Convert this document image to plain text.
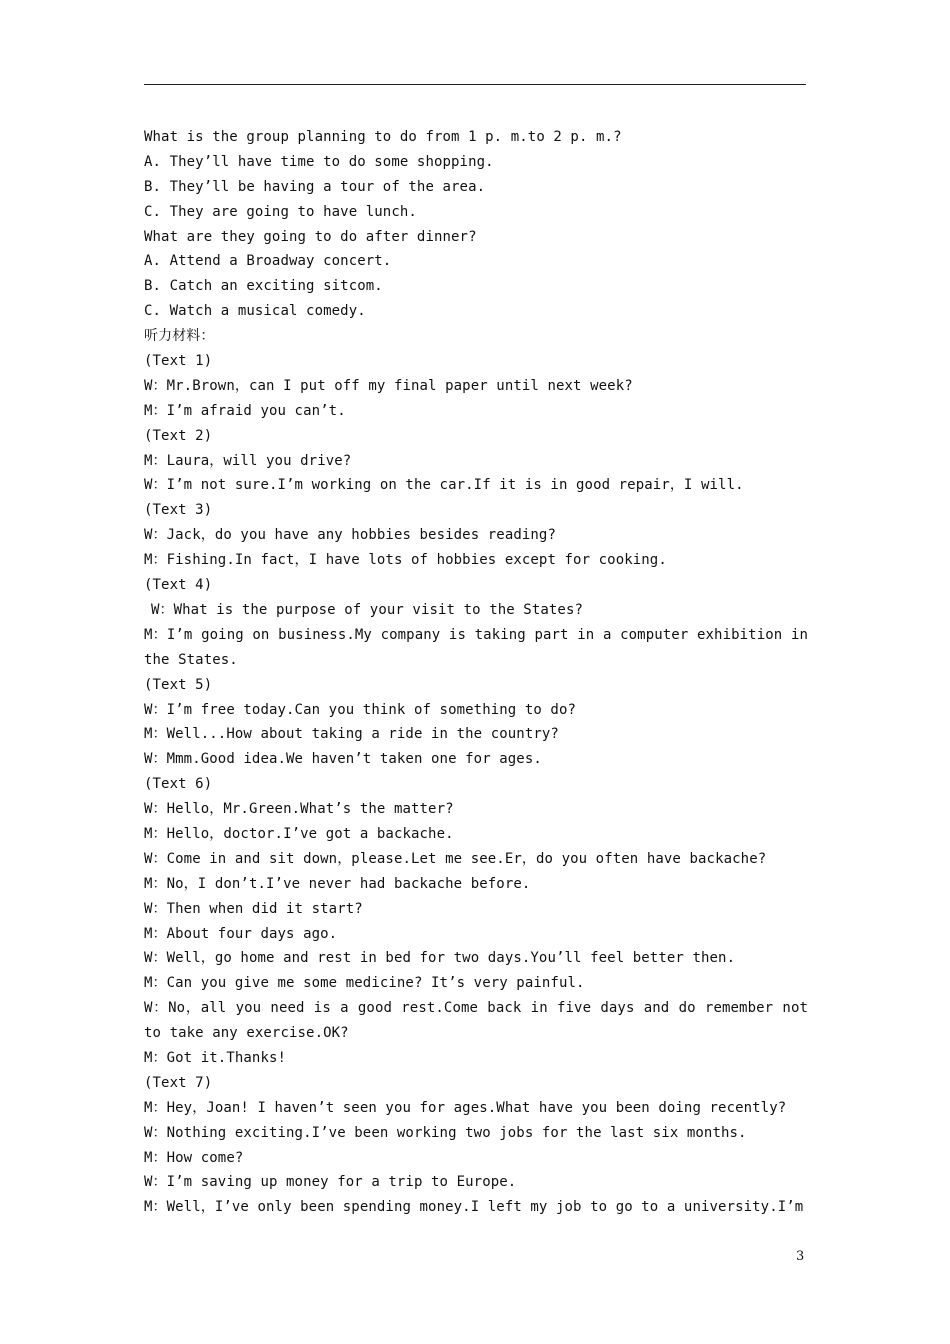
What is the group planning to do from 1 p. m.to 2 p. m.?
A. They’ll have time to do some shopping.
B. They’ll be having a tour of the area.
C. They are going to have lunch.
What are they going to do after dinner?
A. Attend a Broadway concert.
B. Catch an exciting sitcom.
C. Watch a musical comedy.
听力材料：
(Text 1)
W：Mr.Brown，can I put off my final paper until next week?
M：I’m afraid you can’t.
(Text 2)
M：Laura，will you drive?
W：I’m not sure.I’m working on the car.If it is in good repair，I will.
(Text 3)
W：Jack，do you have any hobbies besides reading?
M：Fishing.In fact，I have lots of hobbies except for cooking.
(Text 4)
W：What is the purpose of your visit to the States?
M：I’m going on business.My company is taking part in a computer exhibition in the States.
(Text 5)
W：I’m free today.Can you think of something to do?
M：Well...How about taking a ride in the country?
W：Mmm.Good idea.We haven’t taken one for ages.
(Text 6)
W：Hello，Mr.Green.What’s the matter?
M：Hello，doctor.I’ve got a backache.
W：Come in and sit down，please.Let me see.Er，do you often have backache?
M：No，I don’t.I’ve never had backache before.
W：Then when did it start?
M：About four days ago.
W：Well，go home and rest in bed for two days.You’ll feel better then.
M：Can you give me some medicine? It’s very painful.
W：No，all you need is a good rest.Come back in five days and do remember not to take any exercise.OK?
M：Got it.Thanks!
(Text 7)
M：Hey，Joan! I haven’t seen you for ages.What have you been doing recently?
W：Nothing exciting.I’ve been working two jobs for the last six months.
M：How come?
W：I’m saving up money for a trip to Europe.
M：Well，I’ve only been spending money.I left my job to go to a university.I’m
3
